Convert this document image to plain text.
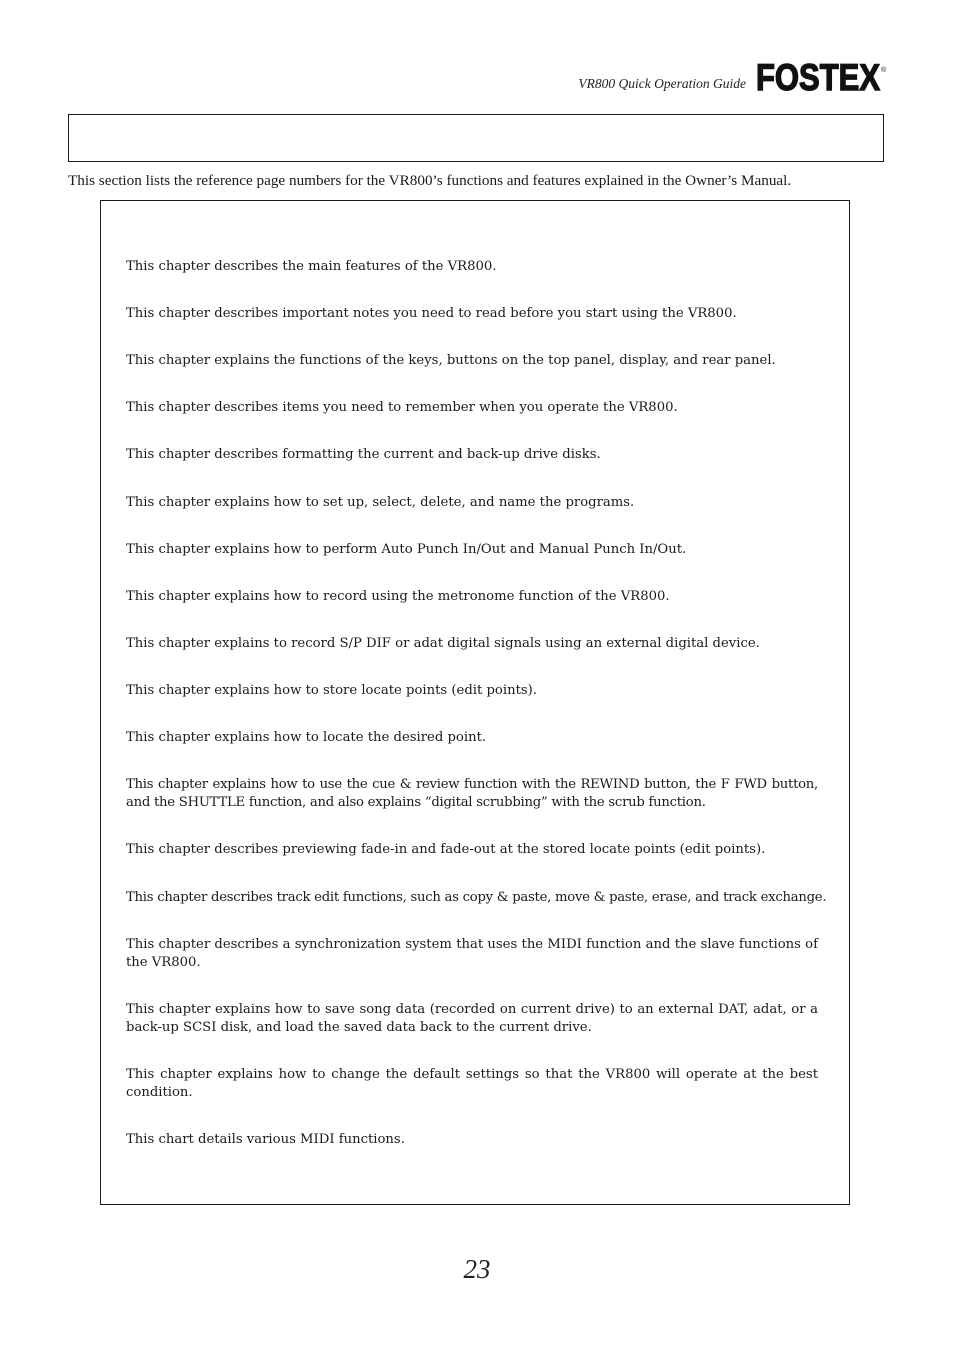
VR800 Quick Operation Guide FOSTEX ®
This section lists the reference page numbers for the VR800’s functions and features explained in the Owner’s Manual.

This chapter describes the main features of the VR800.

This chapter describes important notes you need to read before you start using the VR800.

This chapter explains the functions of the keys, buttons on the top panel, display, and rear panel.

This chapter describes items you need to remember when you operate the VR800.

This chapter describes formatting the current and back-up drive disks.

This chapter explains how to set up, select, delete, and name the programs.

This chapter explains how to perform Auto Punch In/Out and Manual Punch In/Out.

This chapter explains how to record using the metronome function of the VR800.

This chapter explains to record S/P DIF or adat digital signals using an external digital device.

This chapter explains how to store locate points (edit points).

This chapter explains how to locate the desired point.

This chapter explains how to use the cue & review function with the REWIND button, the F FWD button, and the SHUTTLE function, and also explains “digital scrubbing” with the scrub function.

This chapter describes previewing fade-in and fade-out at the stored locate points (edit points).

This chapter describes track edit functions, such as copy & paste, move & paste, erase, and track exchange.

This chapter describes a synchronization system that uses the MIDI function and the slave functions of the VR800.

This chapter explains how to save song data (recorded on current drive) to an external DAT, adat, or a back-up SCSI disk, and load the saved data back to the current drive.

This chapter explains how to change the default settings so that the VR800 will operate at the best condition.

This chart details various MIDI functions.

23
